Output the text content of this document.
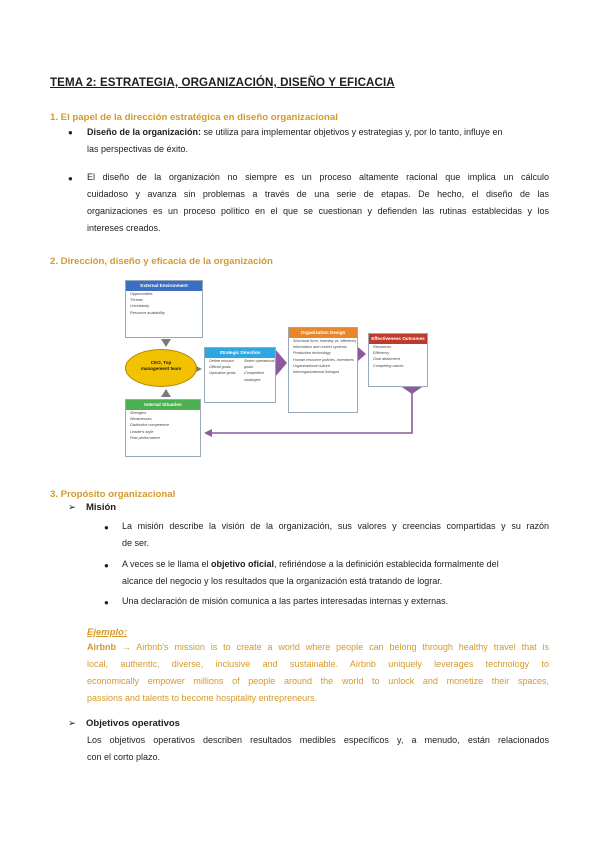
TEMA 2: ESTRATEGIA, ORGANIZACIÓN, DISEÑO Y EFICACIA
1. El papel de la dirección estratégica en diseño organizacional
● Diseño de la organización: se utiliza para implementar objetivos y estrategias y, por lo tanto, influye en
las perspectivas de éxito.
● El diseño de la organización no siempre es un proceso altamente racional que implica un cálculo
cuidadoso y avanza sin problemas a través de una serie de etapas. De hecho, el diseño de las
organizaciones es un proceso político en el que se cuestionan y defienden las rutinas establecidas y los
intereses creados.
2. Dirección, diseño y eficacia de la organización
External Environment
Opportunities
Threats
Uncertainty
Resource availability
CEO, Top management team
Strategic Direction
Define mission
Official goals
Operative goals
Select operational goals
Competitive strategies
Organization Design
Structural form, learning vs. efficiency
Information and control systems
Production technology
Human resource policies, incentives
Organizational culture
Interorganizational linkages
Effectiveness Outcomes
Resources
Efficiency
Goal attainment
Competing values
Internal Situation
Strengths
Weaknesses
Distinctive competence
Leader's style
Past performance
3. Propósito organizacional
➢ Misión
● La misión describe la visión de la organización, sus valores y creencias compartidas y su razón
de ser.
● A veces se le llama el objetivo oficial, refiriéndose a la definición establecida formalmente del
alcance del negocio y los resultados que la organización está tratando de lograr.
● Una declaración de misión comunica a las partes interesadas internas y externas.
Ejemplo:
Airbnb → Airbnb's mission is to create a world where people can belong through healthy travel that is
local, authentic, diverse, inclusive and sustainable. Airbnb uniquely leverages technology to
economically empower millions of people around the world to unlock and monetize their spaces,
passions and talents to become hospitality entrepreneurs.
➢ Objetivos operativos
Los objetivos operativos describen resultados medibles específicos y, a menudo, están relacionados
con el corto plazo.
